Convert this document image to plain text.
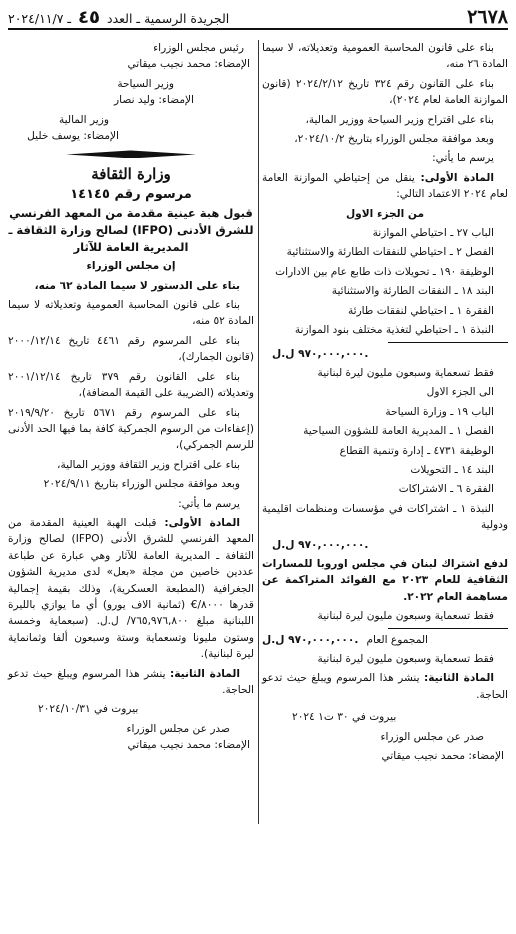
٢٦٧٨
الجريدة الرسمية ـ العدد ٤٥ ـ ٢٠٢٤/١١/٧

بناء على قانون المحاسبة العمومية وتعديلاته، لا سيما المادة ٢٦ منه،

بناء على القانون رقم ٣٢٤ تاريخ ٢٠٢٤/٢/١٢ (قانون الموازنة العامة لعام ٢٠٢٤)،

بناء على اقتراح وزير السياحة ووزير المالية،

وبعد موافقة مجلس الوزراء بتاريخ ٢٠٢٤/١٠/٢،

يرسم ما يأتي:

المادة الأولى: ينقل من إحتياطي الموازنة العامة لعام ٢٠٢٤ الاعتماد التالي:

من الجزء الاول

الباب ٢٧ ـ احتياطي الموازنة

الفصل ٢ ـ احتياطي للنفقات الطارئة والاستثنائية

الوظيفة ١٩٠ ـ تحويلات ذات طابع عام بين الادارات

البند ١٨ ـ النفقات الطارئة والاستثنائية

الفقرة ١ ـ احتياطي لنفقات طارئة

النبذة ١ ـ احتياطي لتغذية مختلف بنود الموازنة

٩٧٠,٠٠٠,٠٠٠ ل.ل.

فقط تسعماية وسبعون مليون ليرة لبنانية

الى الجزء الاول

الباب ١٩ ـ وزارة السياحة

الفصل ١ ـ المديرية العامة للشؤون السياحية

الوظيفة ٤٧٣١ ـ إدارة وتنمية القطاع

البند ١٤ ـ التحويلات

الفقرة ٦ ـ الاشتراكات

النبذة ١ ـ اشتراكات في مؤسسات ومنظمات اقليمية ودولية

٩٧٠,٠٠٠,٠٠٠ ل.ل.

لدفع اشتراك لبنان في مجلس اوروبا للمسارات الثقافية للعام ٢٠٢٣ مع الفوائد المتراكمة عن مساهمة العام ٢٠٢٢.

فقط تسعماية وسبعون مليون ليرة لبنانية

المجموع العام
٩٧٠,٠٠٠,٠٠٠ ل.ل.

فقط تسعماية وسبعون مليون ليرة لبنانية

المادة الثانية: ينشر هذا المرسوم ويبلغ حيث تدعو الحاجة.

بيروت في ٣٠ ت١ ٢٠٢٤

صدر عن مجلس الوزراء

الإمضاء: محمد نجيب ميقاتي

رئيس مجلس الوزراء

الإمضاء: محمد نجيب ميقاتي

وزير السياحة

الإمضاء: وليد نصار

وزير المالية

الإمضاء: يوسف خليل

وزارة الثقافة

مرسوم رقم ١٤١٤٥

قبول هبة عينية مقدمة من المعهد الفرنسي للشرق الأدنى (IFPO) لصالح وزارة الثقافة ـ المديرية العامة للآثار

إن مجلس الوزراء

بناء على الدستور لا سيما المادة ٦٢ منه،

بناء على قانون المحاسبة العمومية وتعديلاته لا سيما المادة ٥٢ منه،

بناء على المرسوم رقم ٤٤٦١ تاريخ ٢٠٠٠/١٢/١٤ (قانون الجمارك)،

بناء على القانون رقم ٣٧٩ تاريخ ٢٠٠١/١٢/١٤ وتعديلاته (الضريبة على القيمة المضافة)،

بناء على المرسوم رقم ٥٦٧١ تاريخ ٢٠١٩/٩/٢٠ (إعفاءات من الرسوم الجمركية كافة بما فيها الحد الأدنى للرسم الجمركي)،

بناء على اقتراح وزير الثقافة ووزير المالية،

وبعد موافقة مجلس الوزراء بتاريخ ٢٠٢٤/٩/١١

يرسم ما يأتي:

المادة الأولى: قبلت الهبة العينية المقدمة من المعهد الفرنسي للشرق الأدنى (IFPO) لصالح وزارة الثقافة ـ المديرية العامة للآثار وهي عبارة عن طباعة عددين خاصين من مجلة «بعل» لدى مديرية الشؤون الجغرافية (المطبعة العسكرية)، وذلك بقيمة إجمالية قدرها ٨٠٠٠/€ (ثمانية الاف يورو) أي ما يوازي بالليرة اللبنانية مبلغ ٧٦٥,٩٧٦,٨٠٠/ ل.ل. (سبعماية وخمسة وستون مليونا وتسعماية وستة وسبعون ألفا وثمانماية ليرة لبنانية).

المادة الثانية: ينشر هذا المرسوم ويبلغ حيث تدعو الحاجة.

بيروت في ٢٠٢٤/١٠/٣١

صدر عن مجلس الوزراء

الإمضاء: محمد نجيب ميقاتي
